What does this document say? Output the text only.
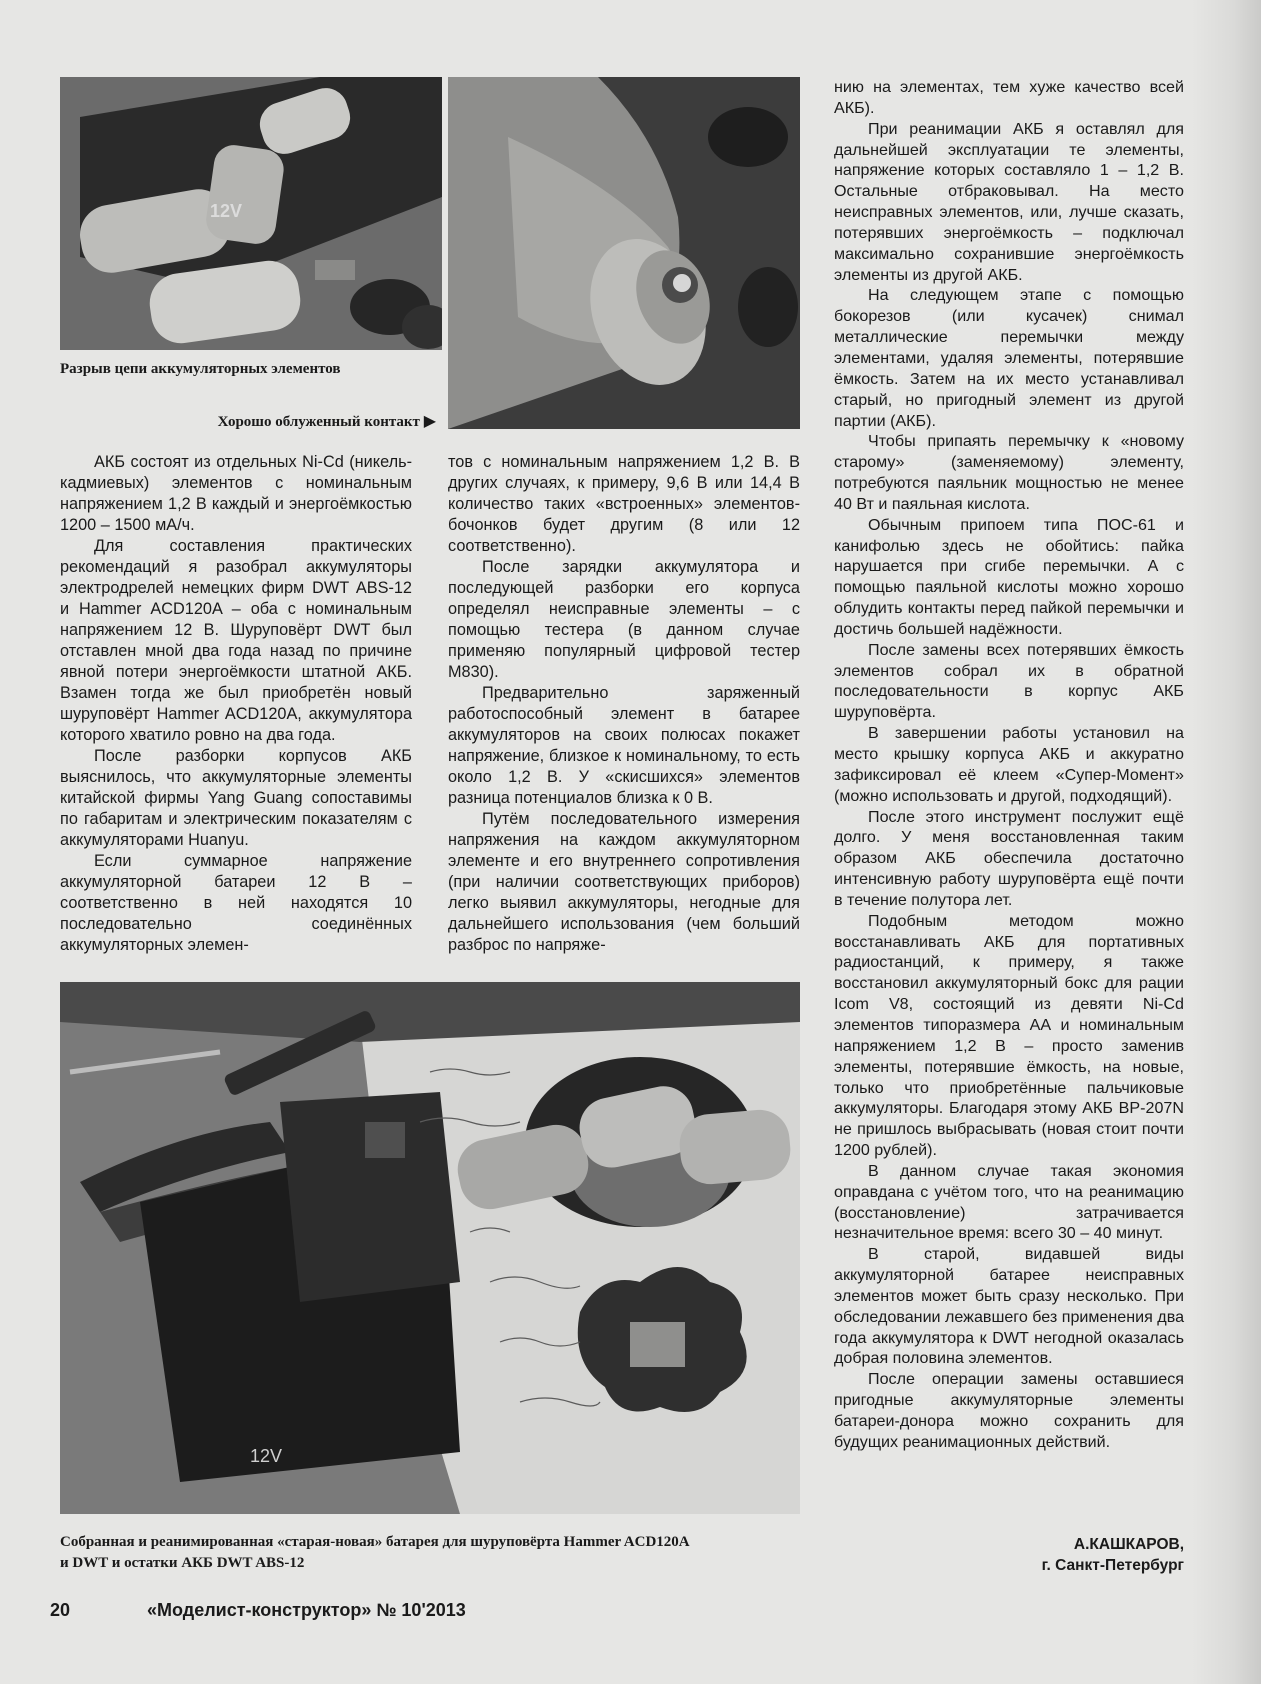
12V
Разрыв цепи аккумуляторных элементов
Хорошо облуженный контакт ▶

АКБ состоят из отдельных Ni-Cd (никель-кадмиевых) элементов с номинальным напряжением 1,2 В каждый и энергоёмкостью 1200 – 1500 мА/ч.

Для составления практических рекомендаций я разобрал аккумуляторы электродрелей немецких фирм DWT ABS-12 и Hammer ACD120A – оба с номинальным напряжением 12 В. Шуруповёрт DWT был отставлен мной два года назад по причине явной потери энергоёмкости штатной АКБ. Взамен тогда же был приобретён новый шуруповёрт Hammer ACD120A, аккумулятора которого хватило ровно на два года.

После разборки корпусов АКБ выяснилось, что аккумуляторные элементы китайской фирмы Yang Guang сопоставимы по габаритам и электрическим показателям с аккумуляторами Huanyu.

Если суммарное напряжение аккумуляторной батареи 12 В – соответственно в ней находятся 10 последовательно соединённых аккумуляторных элемен-

тов с номинальным напряжением 1,2 В. В других случаях, к примеру, 9,6 В или 14,4 В количество таких «встроенных» элементов-бочонков будет другим (8 или 12 соответственно).

После зарядки аккумулятора и последующей разборки его корпуса определял неисправные элементы – с помощью тестера (в данном случае применяю популярный цифровой тестер M830).

Предварительно заряженный работоспособный элемент в батарее аккумуляторов на своих полюсах покажет напряжение, близкое к номинальному, то есть около 1,2 В. У «скисшихся» элементов разница потенциалов близка к 0 В.

Путём последовательного измерения напряжения на каждом аккумуляторном элементе и его внутреннего сопротивления (при наличии соответствующих приборов) легко выявил аккумуляторы, негодные для дальнейшего использования (чем больший разброс по напряже-

нию на элементах, тем хуже качество всей АКБ).

При реанимации АКБ я оставлял для дальнейшей эксплуатации те элементы, напряжение которых составляло 1 – 1,2 В. Остальные отбраковывал. На место неисправных элементов, или, лучше сказать, потерявших энергоёмкость – подключал максимально сохранившие энергоёмкость элементы из другой АКБ.

На следующем этапе с помощью бокорезов (или кусачек) снимал металлические перемычки между элементами, удаляя элементы, потерявшие ёмкость. Затем на их место устанавливал старый, но пригодный элемент из другой партии (АКБ).

Чтобы припаять перемычку к «новому старому» (заменяемому) элементу, потребуются паяльник мощностью не менее 40 Вт и паяльная кислота.

Обычным припоем типа ПОС-61 и канифолью здесь не обойтись: пайка нарушается при сгибе перемычки. А с помощью паяльной кислоты можно хорошо облудить контакты перед пайкой перемычки и достичь большей надёжности.

После замены всех потерявших ёмкость элементов собрал их в обратной последовательности в корпус АКБ шуруповёрта.

В завершении работы установил на место крышку корпуса АКБ и аккуратно зафиксировал её клеем «Супер-Момент» (можно использовать и другой, подходящий).

После этого инструмент послужит ещё долго. У меня восстановленная таким образом АКБ обеспечила достаточно интенсивную работу шуруповёрта ещё почти в течение полутора лет.

Подобным методом можно восстанавливать АКБ для портативных радиостанций, к примеру, я также восстановил аккумуляторный бокс для рации Icom V8, состоящий из девяти Ni-Cd элементов типоразмера АА и номинальным напряжением 1,2 В – просто заменив элементы, потерявшие ёмкость, на новые, только что приобретённые пальчиковые аккумуляторы. Благодаря этому АКБ BP-207N не пришлось выбрасывать (новая стоит почти 1200 рублей).

В данном случае такая экономия оправдана с учётом того, что на реанимацию (восстановление) затрачивается незначительное время: всего 30 – 40 минут.

В старой, видавшей виды аккумуляторной батарее неисправных элементов может быть сразу несколько. При обследовании лежавшего без применения два года аккумулятора к DWT негодной оказалась добрая половина элементов.

После операции замены оставшиеся пригодные аккумуляторные элементы батареи-донора можно сохранить для будущих реанимационных действий.

12V
Собранная и реанимированная «старая-новая» батарея для шуруповёрта Hammer ACD120A
и DWT и остатки АКБ DWT ABS-12
А.КАШКАРОВ,
г. Санкт-Петербург
20	«Моделист-конструктор» № 10'2013
